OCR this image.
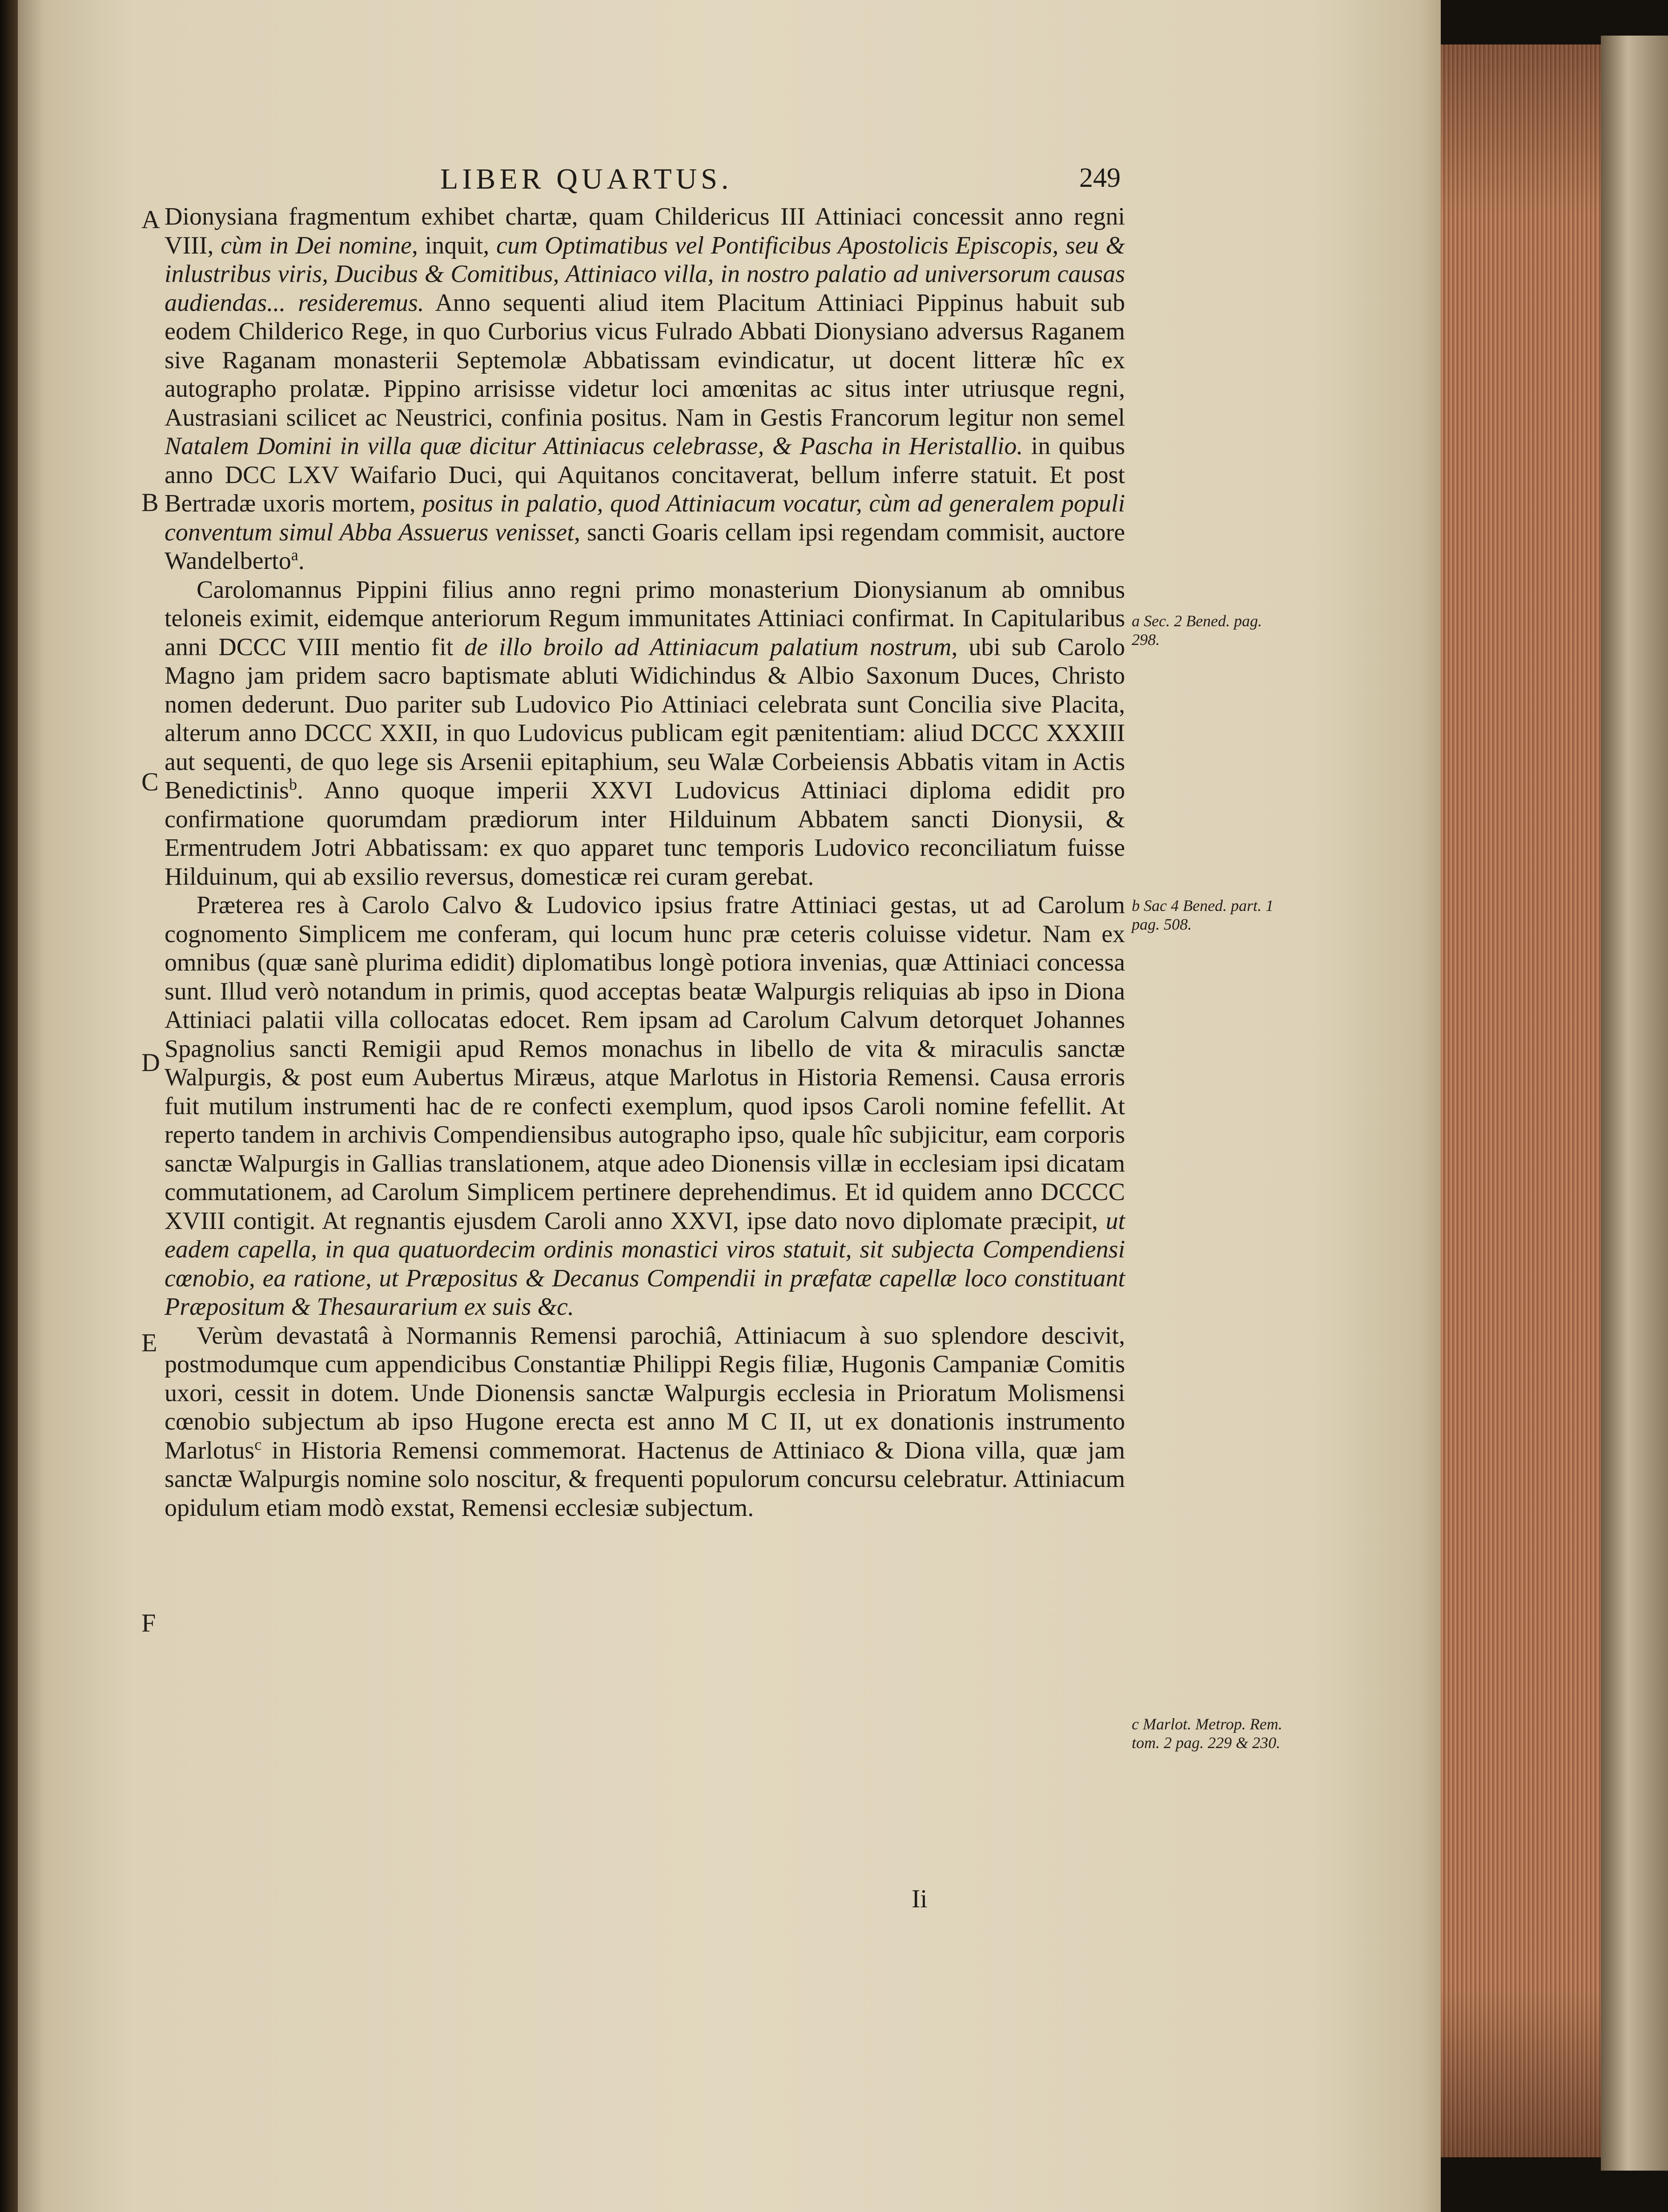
LIBER QUARTUS.	249
A
B
C
D
E
F

Dionysiana fragmentum exhibet chartæ, quam Childericus III Attiniaci concessit anno regni VIII, cùm in Dei nomine, inquit, cum Optimatibus vel Pontificibus Apostolicis Episcopis, seu & inlustribus viris, Ducibus & Comitibus, Attiniaco villa, in nostro palatio ad universorum causas audiendas... resideremus. Anno sequenti aliud item Placitum Attiniaci Pippinus habuit sub eodem Childerico Rege, in quo Curborius vicus Fulrado Abbati Dionysiano adversus Raganem sive Raganam monasterii Septemolæ Abbatissam evindicatur, ut docent litteræ hîc ex autographo prolatæ. Pippino arrisisse videtur loci amœnitas ac situs inter utriusque regni, Austrasiani scilicet ac Neustrici, confinia positus. Nam in Gestis Francorum legitur non semel Natalem Domini in villa quæ dicitur Attiniacus celebrasse, & Pascha in Heristallio. in quibus anno DCC LXV Waifario Duci, qui Aquitanos concitaverat, bellum inferre statuit. Et post Bertradæ uxoris mortem, positus in palatio, quod Attiniacum vocatur, cùm ad generalem populi conventum simul Abba Assuerus venisset, sancti Goaris cellam ipsi regendam commisit, auctore Wandelberto$^a$.

Carolomannus Pippini filius anno regni primo monasterium Dionysianum ab omnibus teloneis eximit, eidemque anteriorum Regum immunitates Attiniaci confirmat. In Capitularibus anni DCCC VIII mentio fit de illo broilo ad Attiniacum palatium nostrum, ubi sub Carolo Magno jam pridem sacro baptismate abluti Widichindus & Albio Saxonum Duces, Christo nomen dederunt. Duo pariter sub Ludovico Pio Attiniaci celebrata sunt Concilia sive Placita, alterum anno DCCC XXII, in quo Ludovicus publicam egit pænitentiam: aliud DCCC XXXIII aut sequenti, de quo lege sis Arsenii epitaphium, seu Walæ Corbeiensis Abbatis vitam in Actis Benedictinis$^b$. Anno quoque imperii XXVI Ludovicus Attiniaci diploma edidit pro confirmatione quorumdam prædiorum inter Hilduinum Abbatem sancti Dionysii, & Ermentrudem Jotri Abbatissam: ex quo apparet tunc temporis Ludovico reconciliatum fuisse Hilduinum, qui ab exsilio reversus, domesticæ rei curam gerebat.

Præterea res à Carolo Calvo & Ludovico ipsius fratre Attiniaci gestas, ut ad Carolum cognomento Simplicem me conferam, qui locum hunc præ ceteris coluisse videtur. Nam ex omnibus (quæ sanè plurima edidit) diplomatibus longè potiora invenias, quæ Attiniaci concessa sunt. Illud verò notandum in primis, quod acceptas beatæ Walpurgis reliquias ab ipso in Diona Attiniaci palatii villa collocatas edocet. Rem ipsam ad Carolum Calvum detorquet Johannes Spagnolius sancti Remigii apud Remos monachus in libello de vita & miraculis sanctæ Walpurgis, & post eum Aubertus Miræus, atque Marlotus in Historia Remensi. Causa erroris fuit mutilum instrumenti hac de re confecti exemplum, quod ipsos Caroli nomine fefellit. At reperto tandem in archivis Compendiensibus autographo ipso, quale hîc subjicitur, eam corporis sanctæ Walpurgis in Gallias translationem, atque adeo Dionensis villæ in ecclesiam ipsi dicatam commutationem, ad Carolum Simplicem pertinere deprehendimus. Et id quidem anno DCCCC XVIII contigit. At regnantis ejusdem Caroli anno XXVI, ipse dato novo diplomate præcipit, ut eadem capella, in qua quatuordecim ordinis monastici viros statuit, sit subjecta Compendiensi cœnobio, ea ratione, ut Præpositus & Decanus Compendii in præfatæ capellæ loco constituant Præpositum & Thesaurarium ex suis &c.

Verùm devastatâ à Normannis Remensi parochiâ, Attiniacum à suo splendore descivit, postmodumque cum appendicibus Constantiæ Philippi Regis filiæ, Hugonis Campaniæ Comitis uxori, cessit in dotem. Unde Dionensis sanctæ Walpurgis ecclesia in Prioratum Molismensi cœnobio subjectum ab ipso Hugone erecta est anno M C II, ut ex donationis instrumento Marlotus$^c$ in Historia Remensi commemorat. Hactenus de Attiniaco & Diona villa, quæ jam sanctæ Walpurgis nomine solo noscitur, & frequenti populorum concursu celebratur. Attiniacum opidulum etiam modò exstat, Remensi ecclesiæ subjectum.

a Sec. 2 Bened. pag. 298.
b Sac 4 Bened. part. 1 pag. 508.
c Marlot. Metrop. Rem. tom. 2 pag. 229 & 230.
Ii
